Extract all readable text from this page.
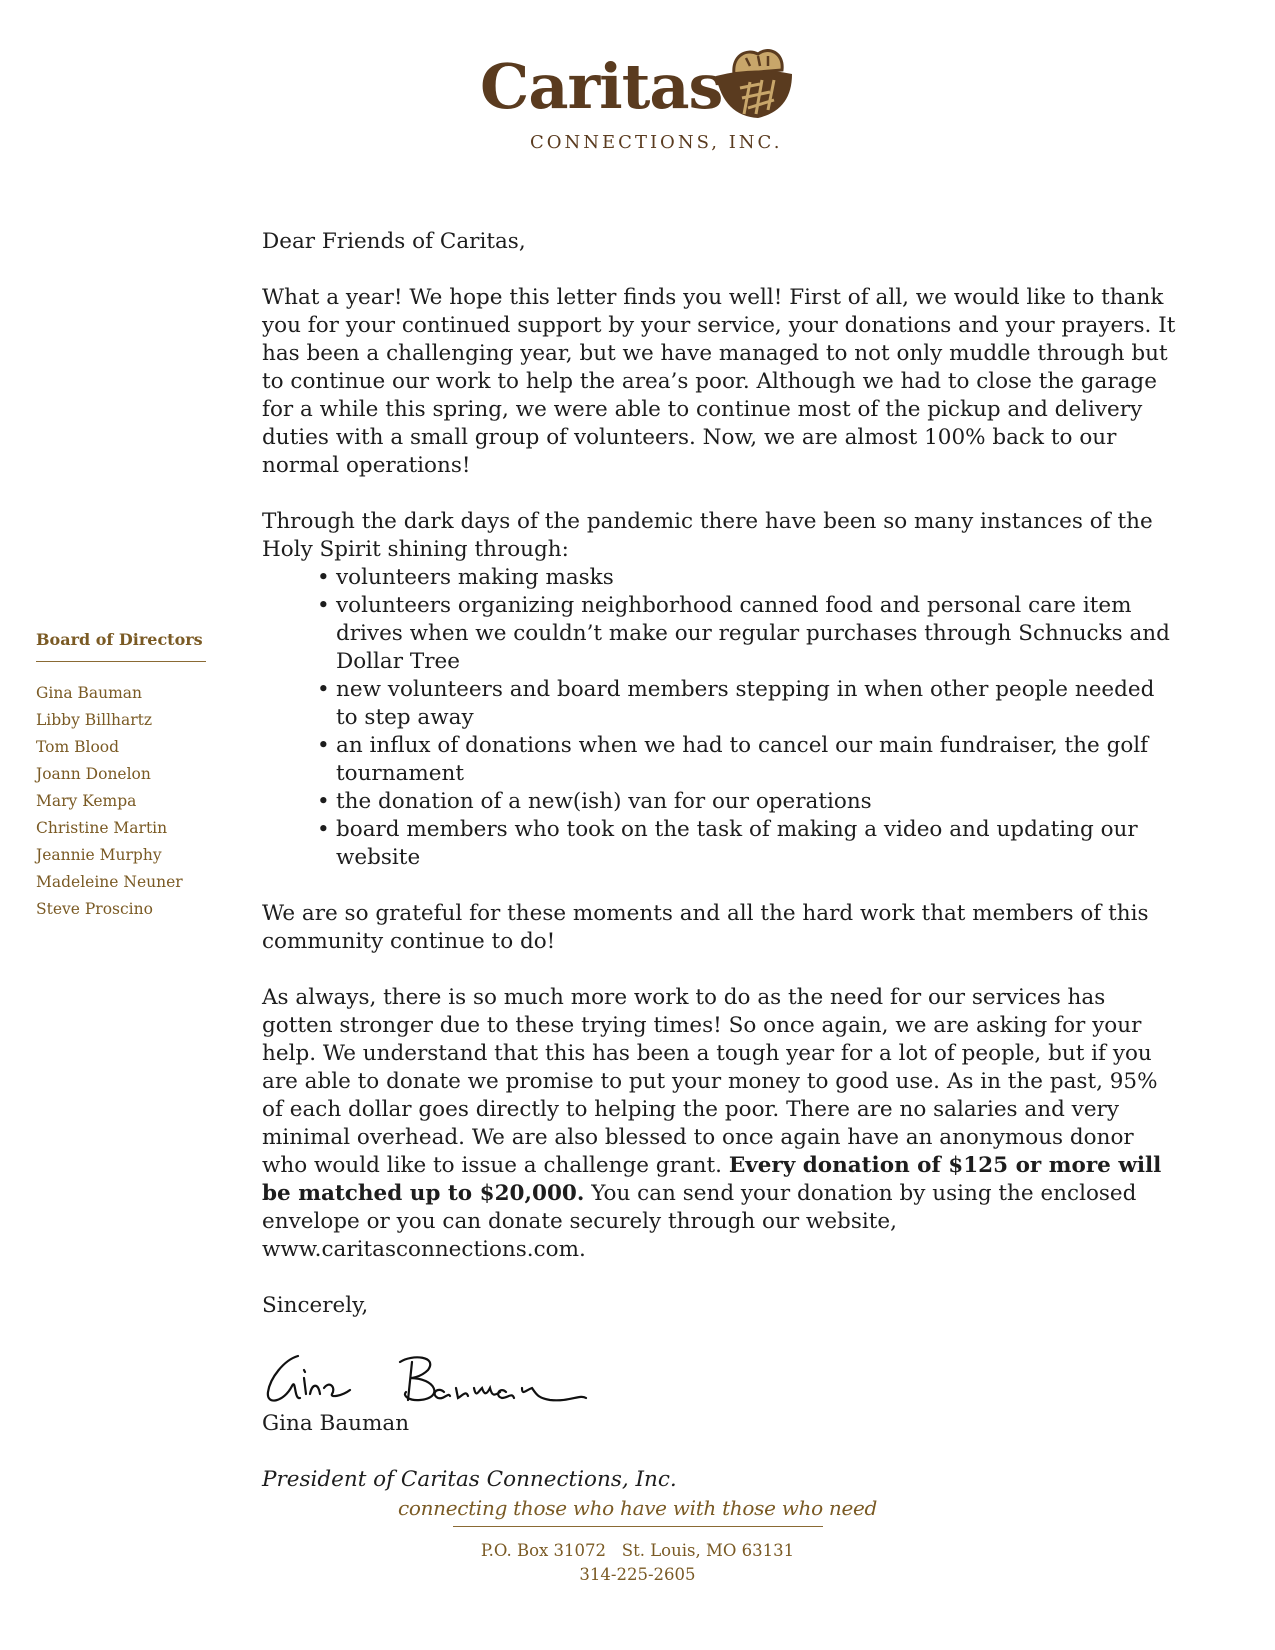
Caritas
CONNECTIONS, INC.
Board of Directors
Gina Bauman
Libby Billhartz
Tom Blood
Joann Donelon
Mary Kempa
Christine Martin
Jeannie Murphy
Madeleine Neuner
Steve Proscino

Dear Friends of Caritas,

What a year! We hope this letter finds you well! First of all, we would like to thank you for your continued support by your service, your donations and your prayers. It has been a challenging year, but we have managed to not only muddle through but to continue our work to help the area’s poor. Although we had to close the garage for a while this spring, we were able to continue most of the pickup and delivery duties with a small group of volunteers. Now, we are almost 100% back to our normal operations!

Through the dark days of the pandemic there have been so many instances of the Holy Spirit shining through:
• volunteers making masks
• volunteers organizing neighborhood canned food and personal care item drives when we couldn’t make our regular purchases through Schnucks and Dollar Tree
• new volunteers and board members stepping in when other people needed to step away
• an influx of donations when we had to cancel our main fundraiser, the golf tournament
• the donation of a new(ish) van for our operations
• board members who took on the task of making a video and updating our website

We are so grateful for these moments and all the hard work that members of this community continue to do!

As always, there is so much more work to do as the need for our services has gotten stronger due to these trying times! So once again, we are asking for your help. We understand that this has been a tough year for a lot of people, but if you are able to donate we promise to put your money to good use. As in the past, 95% of each dollar goes directly to helping the poor. There are no salaries and very minimal overhead. We are also blessed to once again have an anonymous donor who would like to issue a challenge grant. Every donation of $125 or more will be matched up to $20,000. You can send your donation by using the enclosed envelope or you can donate securely through our website, www.caritasconnections.com.

Sincerely,

Gina Bauman

President of Caritas Connections, Inc.

connecting those who have with those who need

P.O. Box 31072   St. Louis, MO 63131

314-225-2605
